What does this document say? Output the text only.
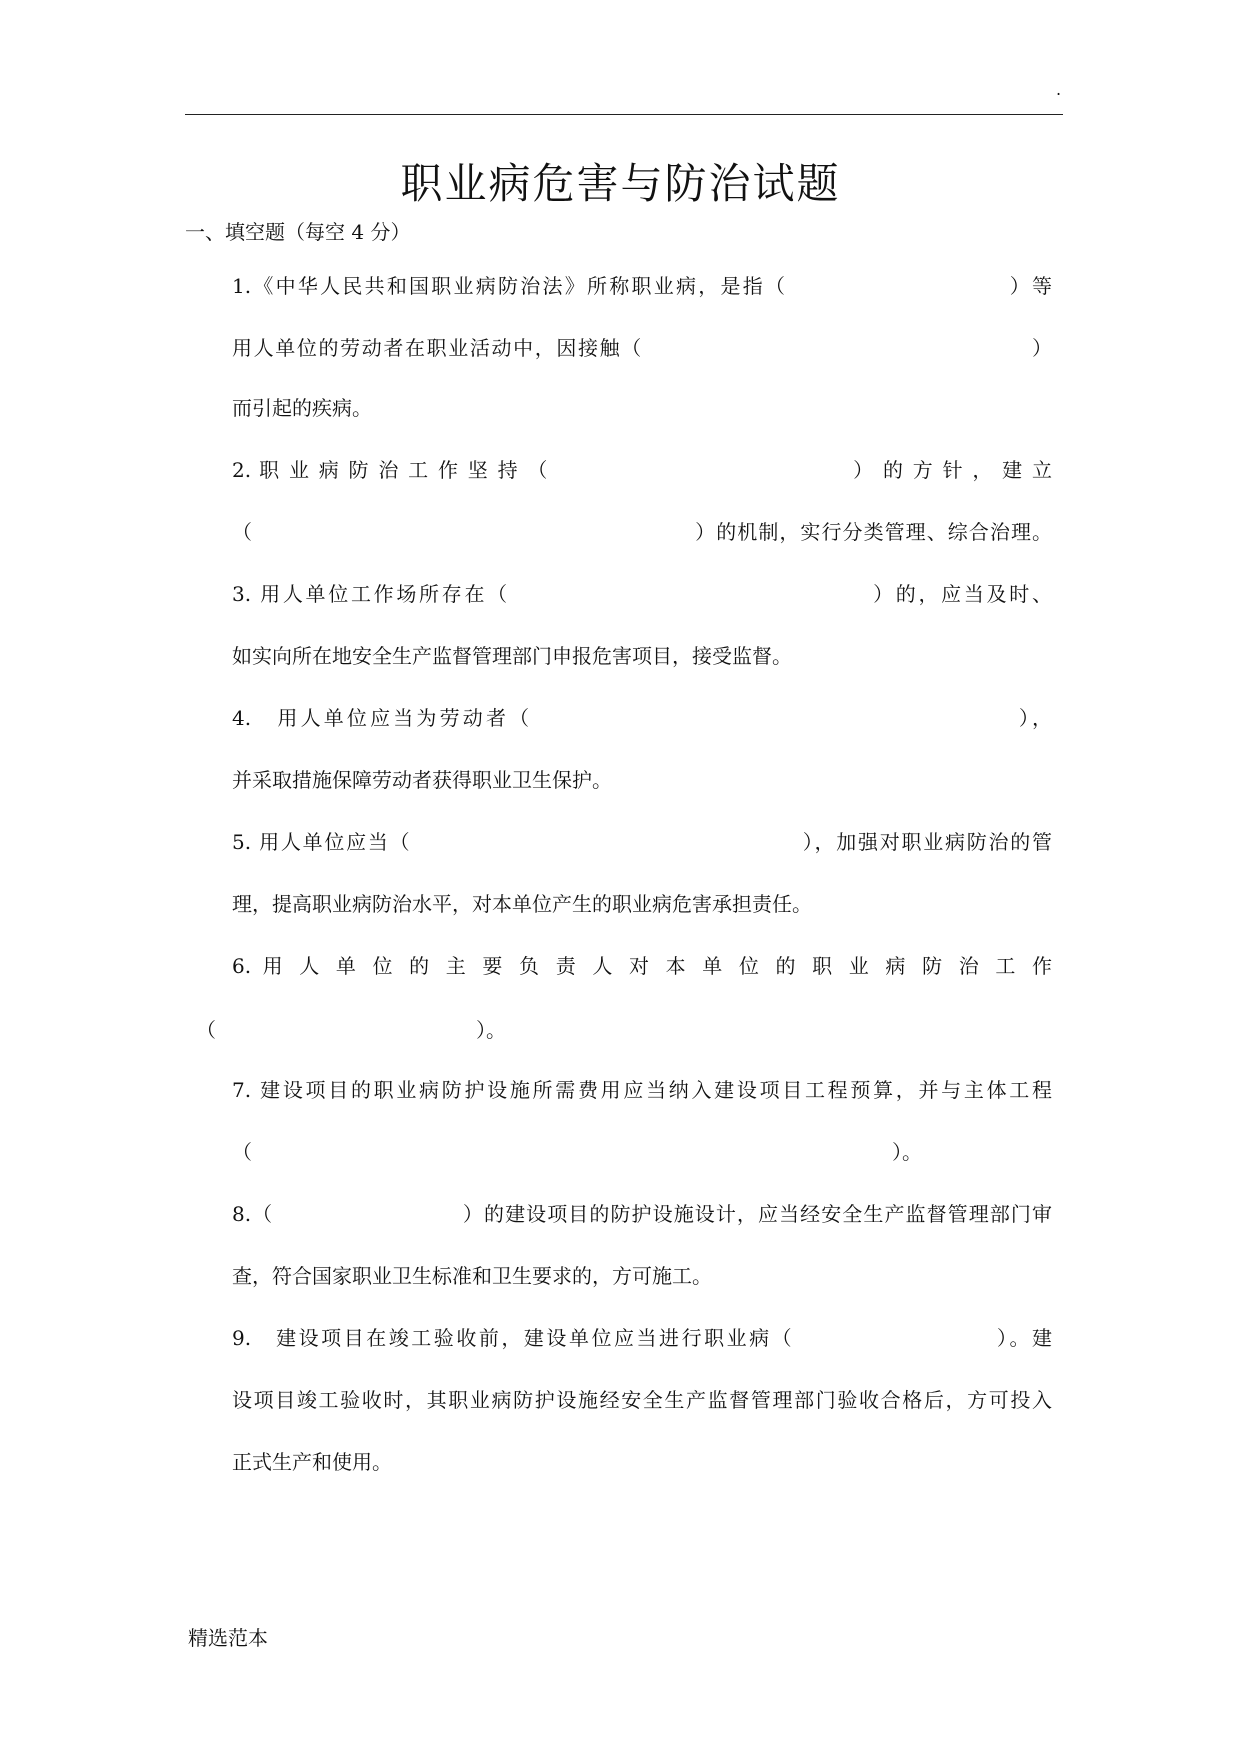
.
职业病危害与防治试题
一、填空题（每空 4 分）
1.《中华人民共和国职业病防治法》所称职业病，是指（　　　　　　　　　　）等
用人单位的劳动者在职业活动中，因接触（　　　　　　　　　　　　　　　　　　）
而引起的疾病。
2. 职 业 病 防 治 工 作 坚 持 （　　　　　　　　　　　　　　） 的 方 针 ， 建 立
（　　　　　　　　　　　　　　　　　　　　　）的机制，实行分类管理、综合治理。
3. 用人单位工作场所存在（　　　　　　　　　　　　　　　　）的，应当及时、
如实向所在地安全生产监督管理部门申报危害项目，接受监督。
4.　用人单位应当为劳动者（　　　　　　　　　　　　　　　　　　　　　），
并采取措施保障劳动者获得职业卫生保护。
5. 用人单位应当（　　　　　　　　　　　　　　　　　　），加强对职业病防治的管
理，提高职业病防治水平，对本单位产生的职业病危害承担责任。
6. 用 人 单 位 的 主 要 负 责 人 对 本 单 位 的 职 业 病 防 治 工 作
（　　　　　　　　　　　　　）。
7. 建设项目的职业病防护设施所需费用应当纳入建设项目工程预算，并与主体工程
（　　　　　　　　　　　　　　　　　　　　　　　　　　　　　　　　）。
8.（　　　　　　　　　）的建设项目的防护设施设计，应当经安全生产监督管理部门审
查，符合国家职业卫生标准和卫生要求的，方可施工。
9.　建设项目在竣工验收前，建设单位应当进行职业病（　　　　　　　　　）。建
设项目竣工验收时，其职业病防护设施经安全生产监督管理部门验收合格后，方可投入
正式生产和使用。
精选范本
